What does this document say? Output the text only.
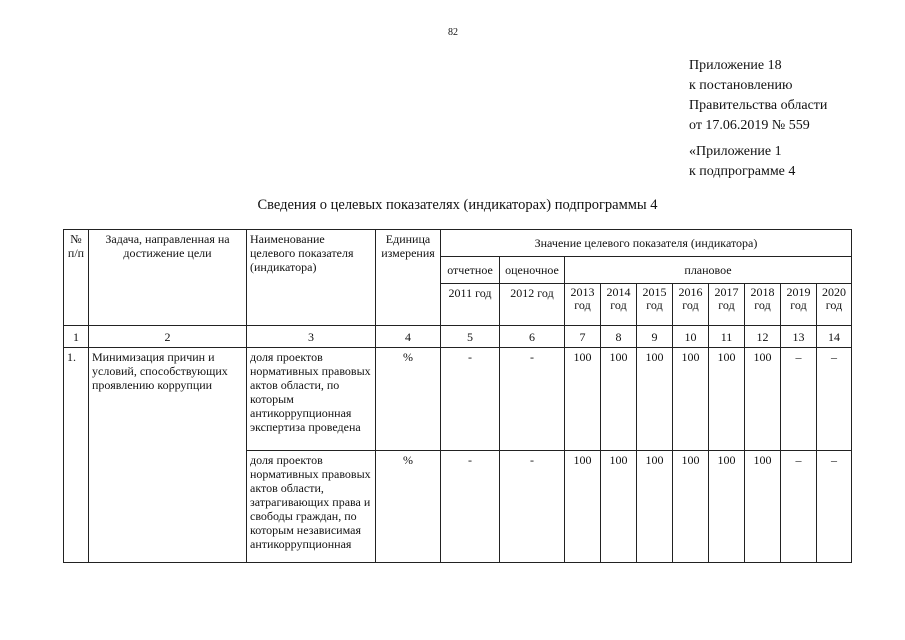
82
Приложение 18
к постановлению
Правительства области
от 17.06.2019 № 559
«Приложение 1
к подпрограмме 4
Сведения о целевых показателях (индикаторах) подпрограммы 4
№ п/п	Задача, направленная на достижение цели	Наименование целевого показателя (индикатора)	Единица измерения	Значение целевого показателя (индикатора)									
				отчетное	оценочное	плановое							
				2011 год	2012 год	2013 год	2014 год	2015 год	2016 год	2017 год	2018 год	2019 год	2020 год
1	2	3	4	5	6	7	8	9	10	11	12	13	14
1.	Минимизация причин и условий, способствующих проявлению коррупции	доля проектов нормативных правовых актов области, по которым антикоррупционная экспертиза проведена	%	-	-	100	100	100	100	100	100	–	–
		доля проектов нормативных правовых актов области, затрагивающих права и свободы граждан, по которым независимая антикоррупционная	%	-	-	100	100	100	100	100	100	–	–
